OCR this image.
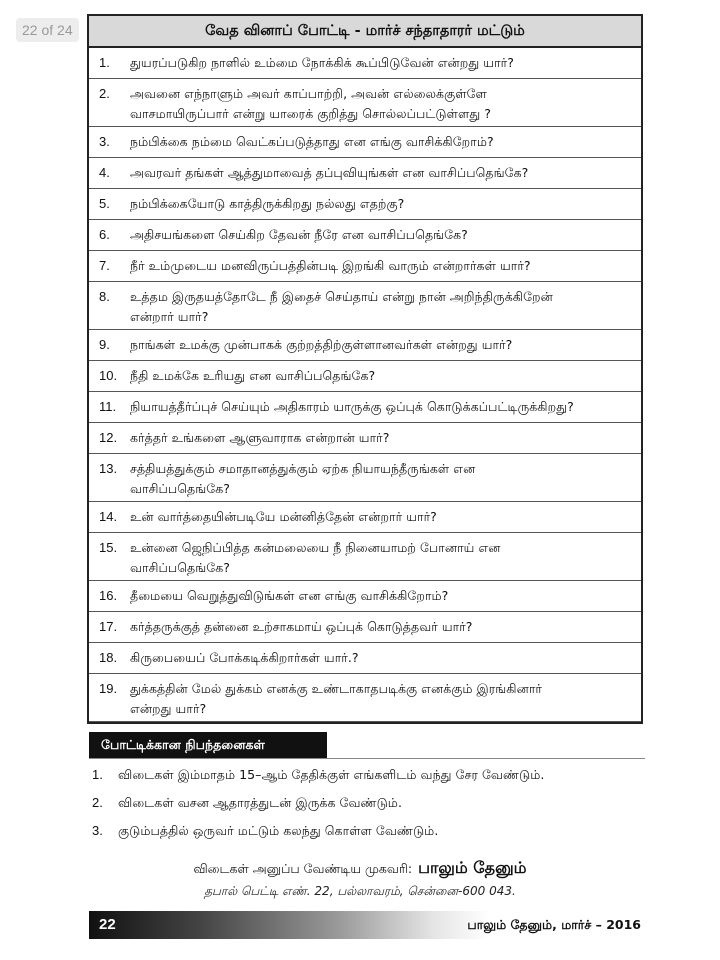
22 of 24	வேத வினாப் போட்டி - மார்ச் சந்தாதாரர் மட்டும்
1.	துயரப்படுகிற நாளில் உம்மை நோக்கிக் கூப்பிடுவேன் என்றது யார்?
2.	அவனை எந்நாளும் அவர் காப்பாற்றி, அவன் எல்லைக்குள்ளே
வாசமாயிருப்பார் என்று யாரைக் குறித்து சொல்லப்பட்டுள்ளது ?
3.	நம்பிக்கை நம்மை வெட்கப்படுத்தாது என எங்கு வாசிக்கிறோம்?
4.	அவரவர் தங்கள் ஆத்துமாவைத் தப்புவியுங்கள் என வாசிப்பதெங்கே?
5.	நம்பிக்கையோடு காத்திருக்கிறது நல்லது எதற்கு?
6.	அதிசயங்களை செய்கிற தேவன் நீரே என வாசிப்பதெங்கே?
7.	நீர் உம்முடைய மனவிருப்பத்தின்படி இறங்கி வாரும் என்றார்கள் யார்?
8.	உத்தம இருதயத்தோடே நீ இதைச் செய்தாய் என்று நான் அறிந்திருக்கிறேன்
என்றார் யார்?
9.	நாங்கள் உமக்கு முன்பாகக் குற்றத்திற்குள்ளானவர்கள் என்றது யார்?
10.	நீதி உமக்கே உரியது என வாசிப்பதெங்கே?
11.	நியாயத்தீர்ப்புச் செய்யும் அதிகாரம் யாருக்கு ஒப்புக் கொடுக்கப்பட்டிருக்கிறது?
12.	கர்த்தர் உங்களை ஆளுவாராக என்றான் யார்?
13.	சத்தியத்துக்கும் சமாதானத்துக்கும் ஏற்க நியாயந்தீருங்கள் என
வாசிப்பதெங்கே?
14.	உன் வார்த்தையின்படியே மன்னித்தேன் என்றார் யார்?
15.	உன்னை ஜெநிப்பித்த கன்மலையை நீ நினையாமற் போனாய் என
வாசிப்பதெங்கே?
16.	தீமையை வெறுத்துவிடுங்கள் என எங்கு வாசிக்கிறோம்?
17.	கர்த்தருக்குத் தன்னை உற்சாகமாய் ஒப்புக் கொடுத்தவர் யார்?
18.	கிருபையைப் போக்கடிக்கிறார்கள் யார்.?
19.	துக்கத்தின் மேல் துக்கம் எனக்கு உண்டாகாதபடிக்கு எனக்கும் இரங்கினார்
என்றது யார்?
போட்டிக்கான நிபந்தனைகள்
1. விடைகள் இம்மாதம் 15–ஆம் தேதிக்குள் எங்களிடம் வந்து சேர வேண்டும்.
2. விடைகள் வசன ஆதாரத்துடன் இருக்க வேண்டும்.
3. குடும்பத்தில் ஒருவர் மட்டும் கலந்து கொள்ள வேண்டும்.
விடைகள் அனுப்ப வேண்டிய முகவரி: பாலும் தேனும்
தபால் பெட்டி எண். 22, பல்லாவரம், சென்னை-600 043.
22	பாலும் தேனும், மார்ச் – 2016
